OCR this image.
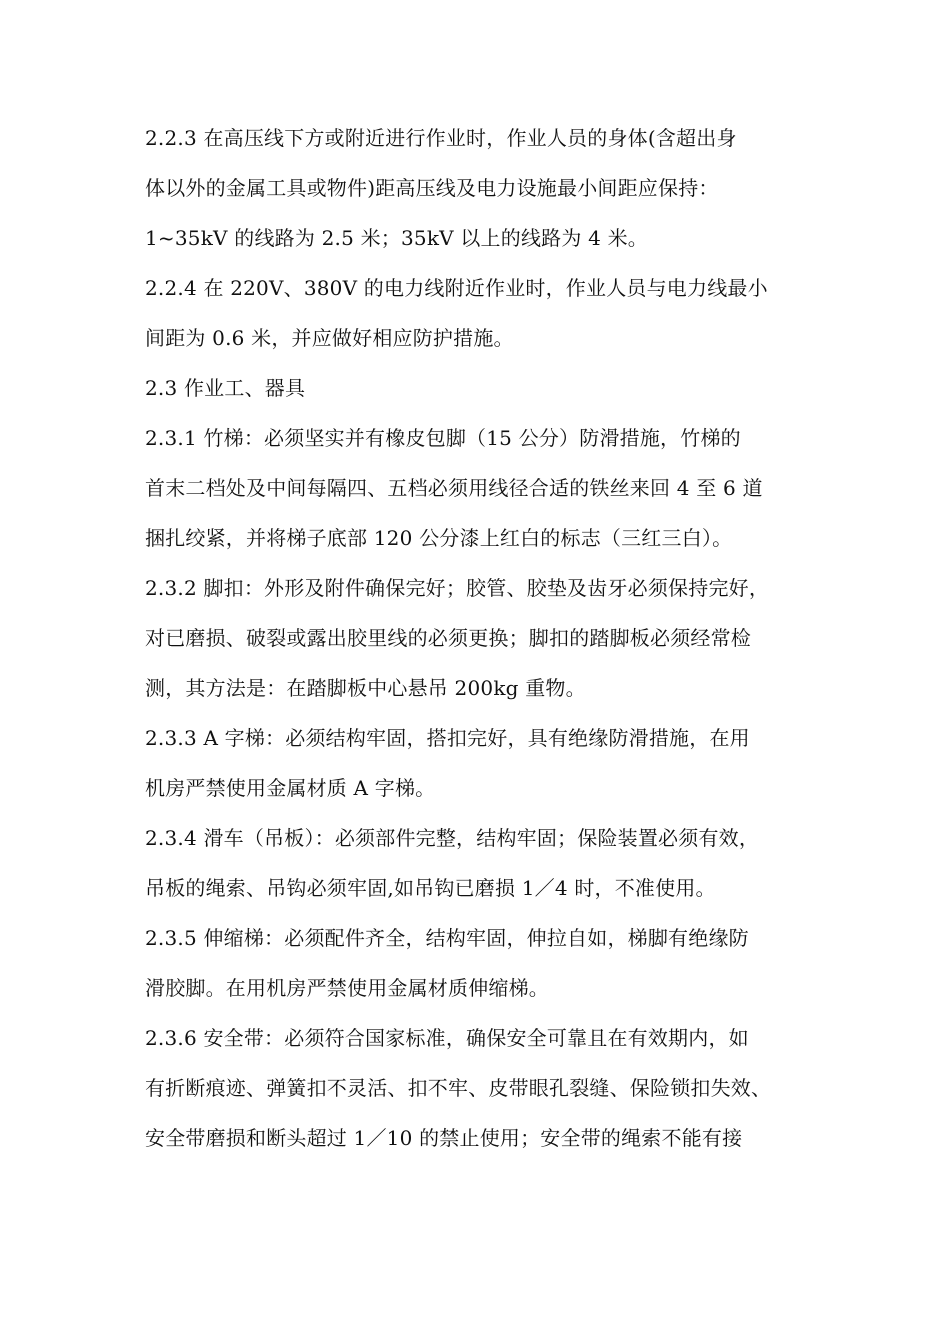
2.2.3 在高压线下方或附近进行作业时，作业人员的身体(含超出身
体以外的金属工具或物件)距高压线及电力设施最小间距应保持：
1~35kV 的线路为 2.5 米；35kV 以上的线路为 4 米。
2.2.4 在 220V、380V 的电力线附近作业时，作业人员与电力线最小
间距为 0.6 米，并应做好相应防护措施。
2.3 作业工、器具
2.3.1 竹梯：必须坚实并有橡皮包脚（15 公分）防滑措施，竹梯的
首末二档处及中间每隔四、五档必须用线径合适的铁丝来回 4 至 6 道
捆扎绞紧，并将梯子底部 120 公分漆上红白的标志（三红三白）。
2.3.2 脚扣：外形及附件确保完好；胶管、胶垫及齿牙必须保持完好，
对已磨损、破裂或露出胶里线的必须更换；脚扣的踏脚板必须经常检
测，其方法是：在踏脚板中心悬吊 200kg 重物。
2.3.3 A 字梯：必须结构牢固，搭扣完好，具有绝缘防滑措施，在用
机房严禁使用金属材质 A 字梯。
2.3.4 滑车（吊板）：必须部件完整，结构牢固；保险装置必须有效，
吊板的绳索、吊钩必须牢固,如吊钩已磨损 1／4 时，不准使用。
2.3.5 伸缩梯：必须配件齐全，结构牢固，伸拉自如，梯脚有绝缘防
滑胶脚。在用机房严禁使用金属材质伸缩梯。
2.3.6 安全带：必须符合国家标准，确保安全可靠且在有效期内，如
有折断痕迹、弹簧扣不灵活、扣不牢、皮带眼孔裂缝、保险锁扣失效、
安全带磨损和断头超过 1／10 的禁止使用；安全带的绳索不能有接
